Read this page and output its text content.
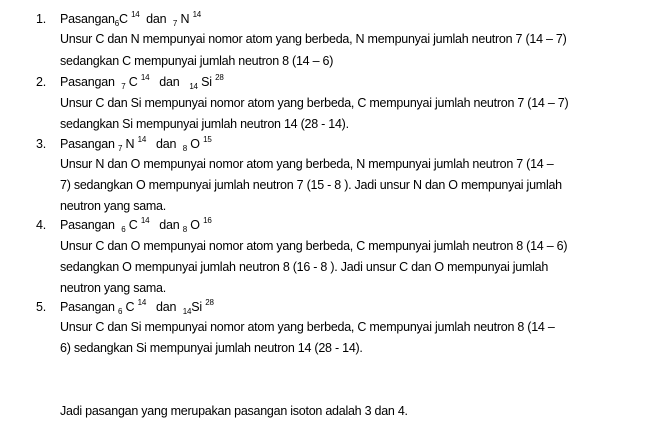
1. Pasangan$_6$C $^{14}$ dan $_7$ N $^{14}$
Unsur C dan N mempunyai nomor atom yang berbeda, N mempunyai jumlah neutron 7 (14 – 7)
sedangkan C mempunyai jumlah neutron 8 (14 – 6)
2. Pasangan $_7$ C $^{14}$ dan $_{14}$ Si $^{28}$
Unsur C dan Si mempunyai nomor atom yang berbeda, C mempunyai jumlah neutron 7 (14 – 7)
sedangkan Si mempunyai jumlah neutron 14 (28 - 14).
3. Pasangan $_7$ N $^{14}$ dan $_8$ O $^{15}$
Unsur N dan O mempunyai nomor atom yang berbeda, N mempunyai jumlah neutron 7 (14 –
7) sedangkan O mempunyai jumlah neutron 7 (15 - 8 ). Jadi unsur N dan O mempunyai jumlah
neutron yang sama.
4. Pasangan $_6$ C $^{14}$ dan $_8$ O $^{16}$
Unsur C dan O mempunyai nomor atom yang berbeda, C mempunyai jumlah neutron 8 (14 – 6)
sedangkan O mempunyai jumlah neutron 8 (16 - 8 ). Jadi unsur C dan O mempunyai jumlah
neutron yang sama.
5. Pasangan $_6$ C $^{14}$ dan $_{14}$Si $^{28}$
Unsur C dan Si mempunyai nomor atom yang berbeda, C mempunyai jumlah neutron 8 (14 –
6) sedangkan Si mempunyai jumlah neutron 14 (28 - 14).
Jadi pasangan yang merupakan pasangan isoton adalah 3 dan 4.
